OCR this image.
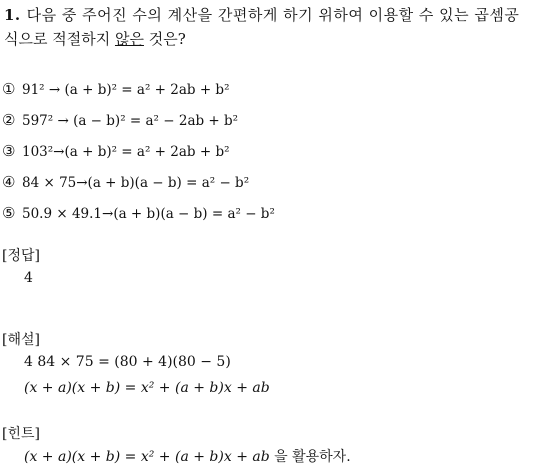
1. 다음 중 주어진 수의 계산을 간편하게 하기 위하여 이용할 수 있는 곱셈공
식으로 적절하지 않은 것은?
① 91² → (a + b)² = a² + 2ab + b²
② 597² → (a − b)² = a² − 2ab + b²
③ 103²→(a + b)² = a² + 2ab + b²
④ 84 × 75→(a + b)(a − b) = a² − b²
⑤ 50.9 × 49.1→(a + b)(a − b) = a² − b²
[정답]
4
[해설]
4 84 × 75 = (80 + 4)(80 − 5)
(x + a)(x + b) = x² + (a + b)x + ab
[힌트]
(x + a)(x + b) = x² + (a + b)x + ab 을 활용하자.
